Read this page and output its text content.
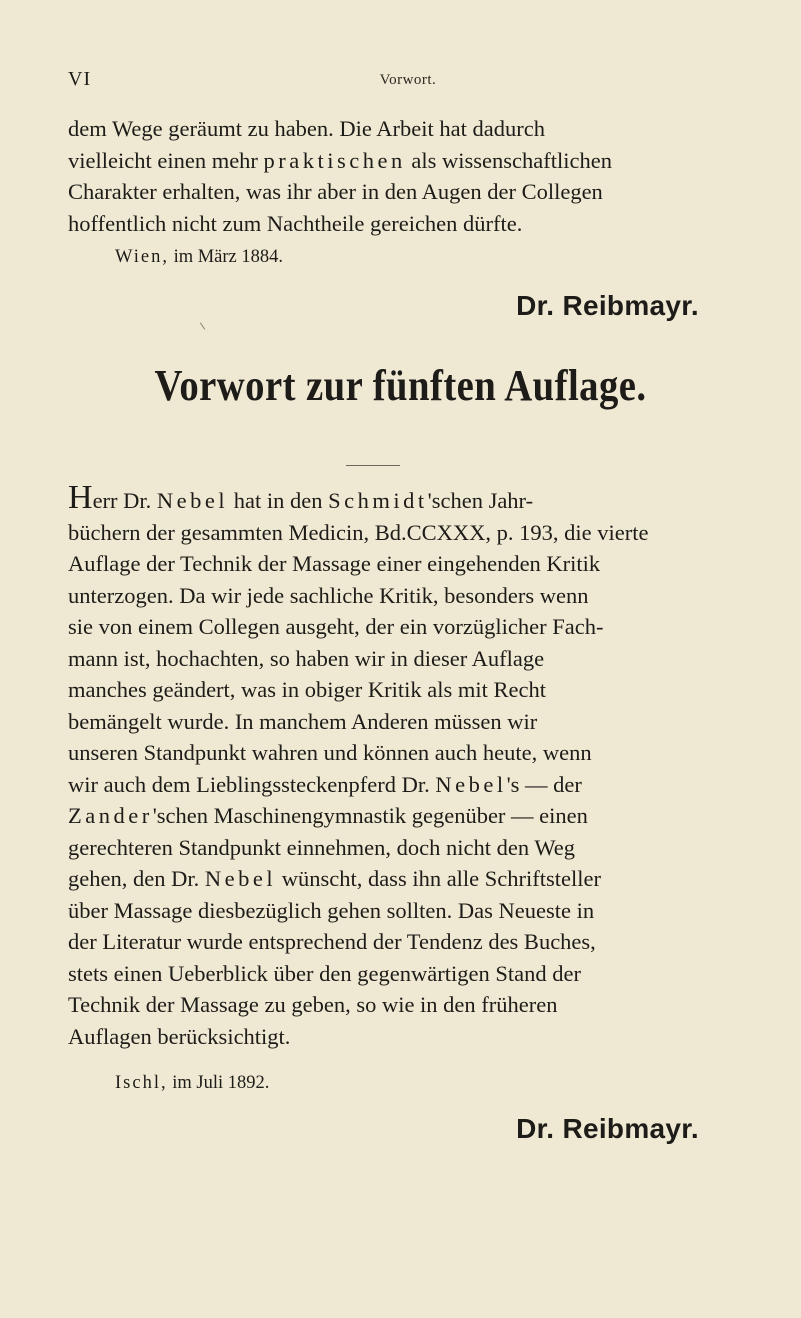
VI	Vorwort.
dem Wege geräumt zu haben. Die Arbeit hat dadurch
vielleicht einen mehr praktischen als wissenschaftlichen
Charakter erhalten, was ihr aber in den Augen der Collegen
hoffentlich nicht zum Nachtheile gereichen dürfte.
Wien, im März 1884.
Dr. Reibmayr.
Vorwort zur fünften Auflage.
Herr Dr. Nebel hat in den Schmidt'schen Jahr-
büchern der gesammten Medicin, Bd.CCXXX, p. 193, die vierte
Auflage der Technik der Massage einer eingehenden Kritik
unterzogen. Da wir jede sachliche Kritik, besonders wenn
sie von einem Collegen ausgeht, der ein vorzüglicher Fach-
mann ist, hochachten, so haben wir in dieser Auflage
manches geändert, was in obiger Kritik als mit Recht
bemängelt wurde. In manchem Anderen müssen wir
unseren Standpunkt wahren und können auch heute, wenn
wir auch dem Lieblingssteckenpferd Dr. Nebel's — der
Zander'schen Maschinengymnastik gegenüber — einen
gerechteren Standpunkt einnehmen, doch nicht den Weg
gehen, den Dr. Nebel wünscht, dass ihn alle Schriftsteller
über Massage diesbezüglich gehen sollten. Das Neueste in
der Literatur wurde entsprechend der Tendenz des Buches,
stets einen Ueberblick über den gegenwärtigen Stand der
Technik der Massage zu geben, so wie in den früheren
Auflagen berücksichtigt.
Ischl, im Juli 1892.
Dr. Reibmayr.
